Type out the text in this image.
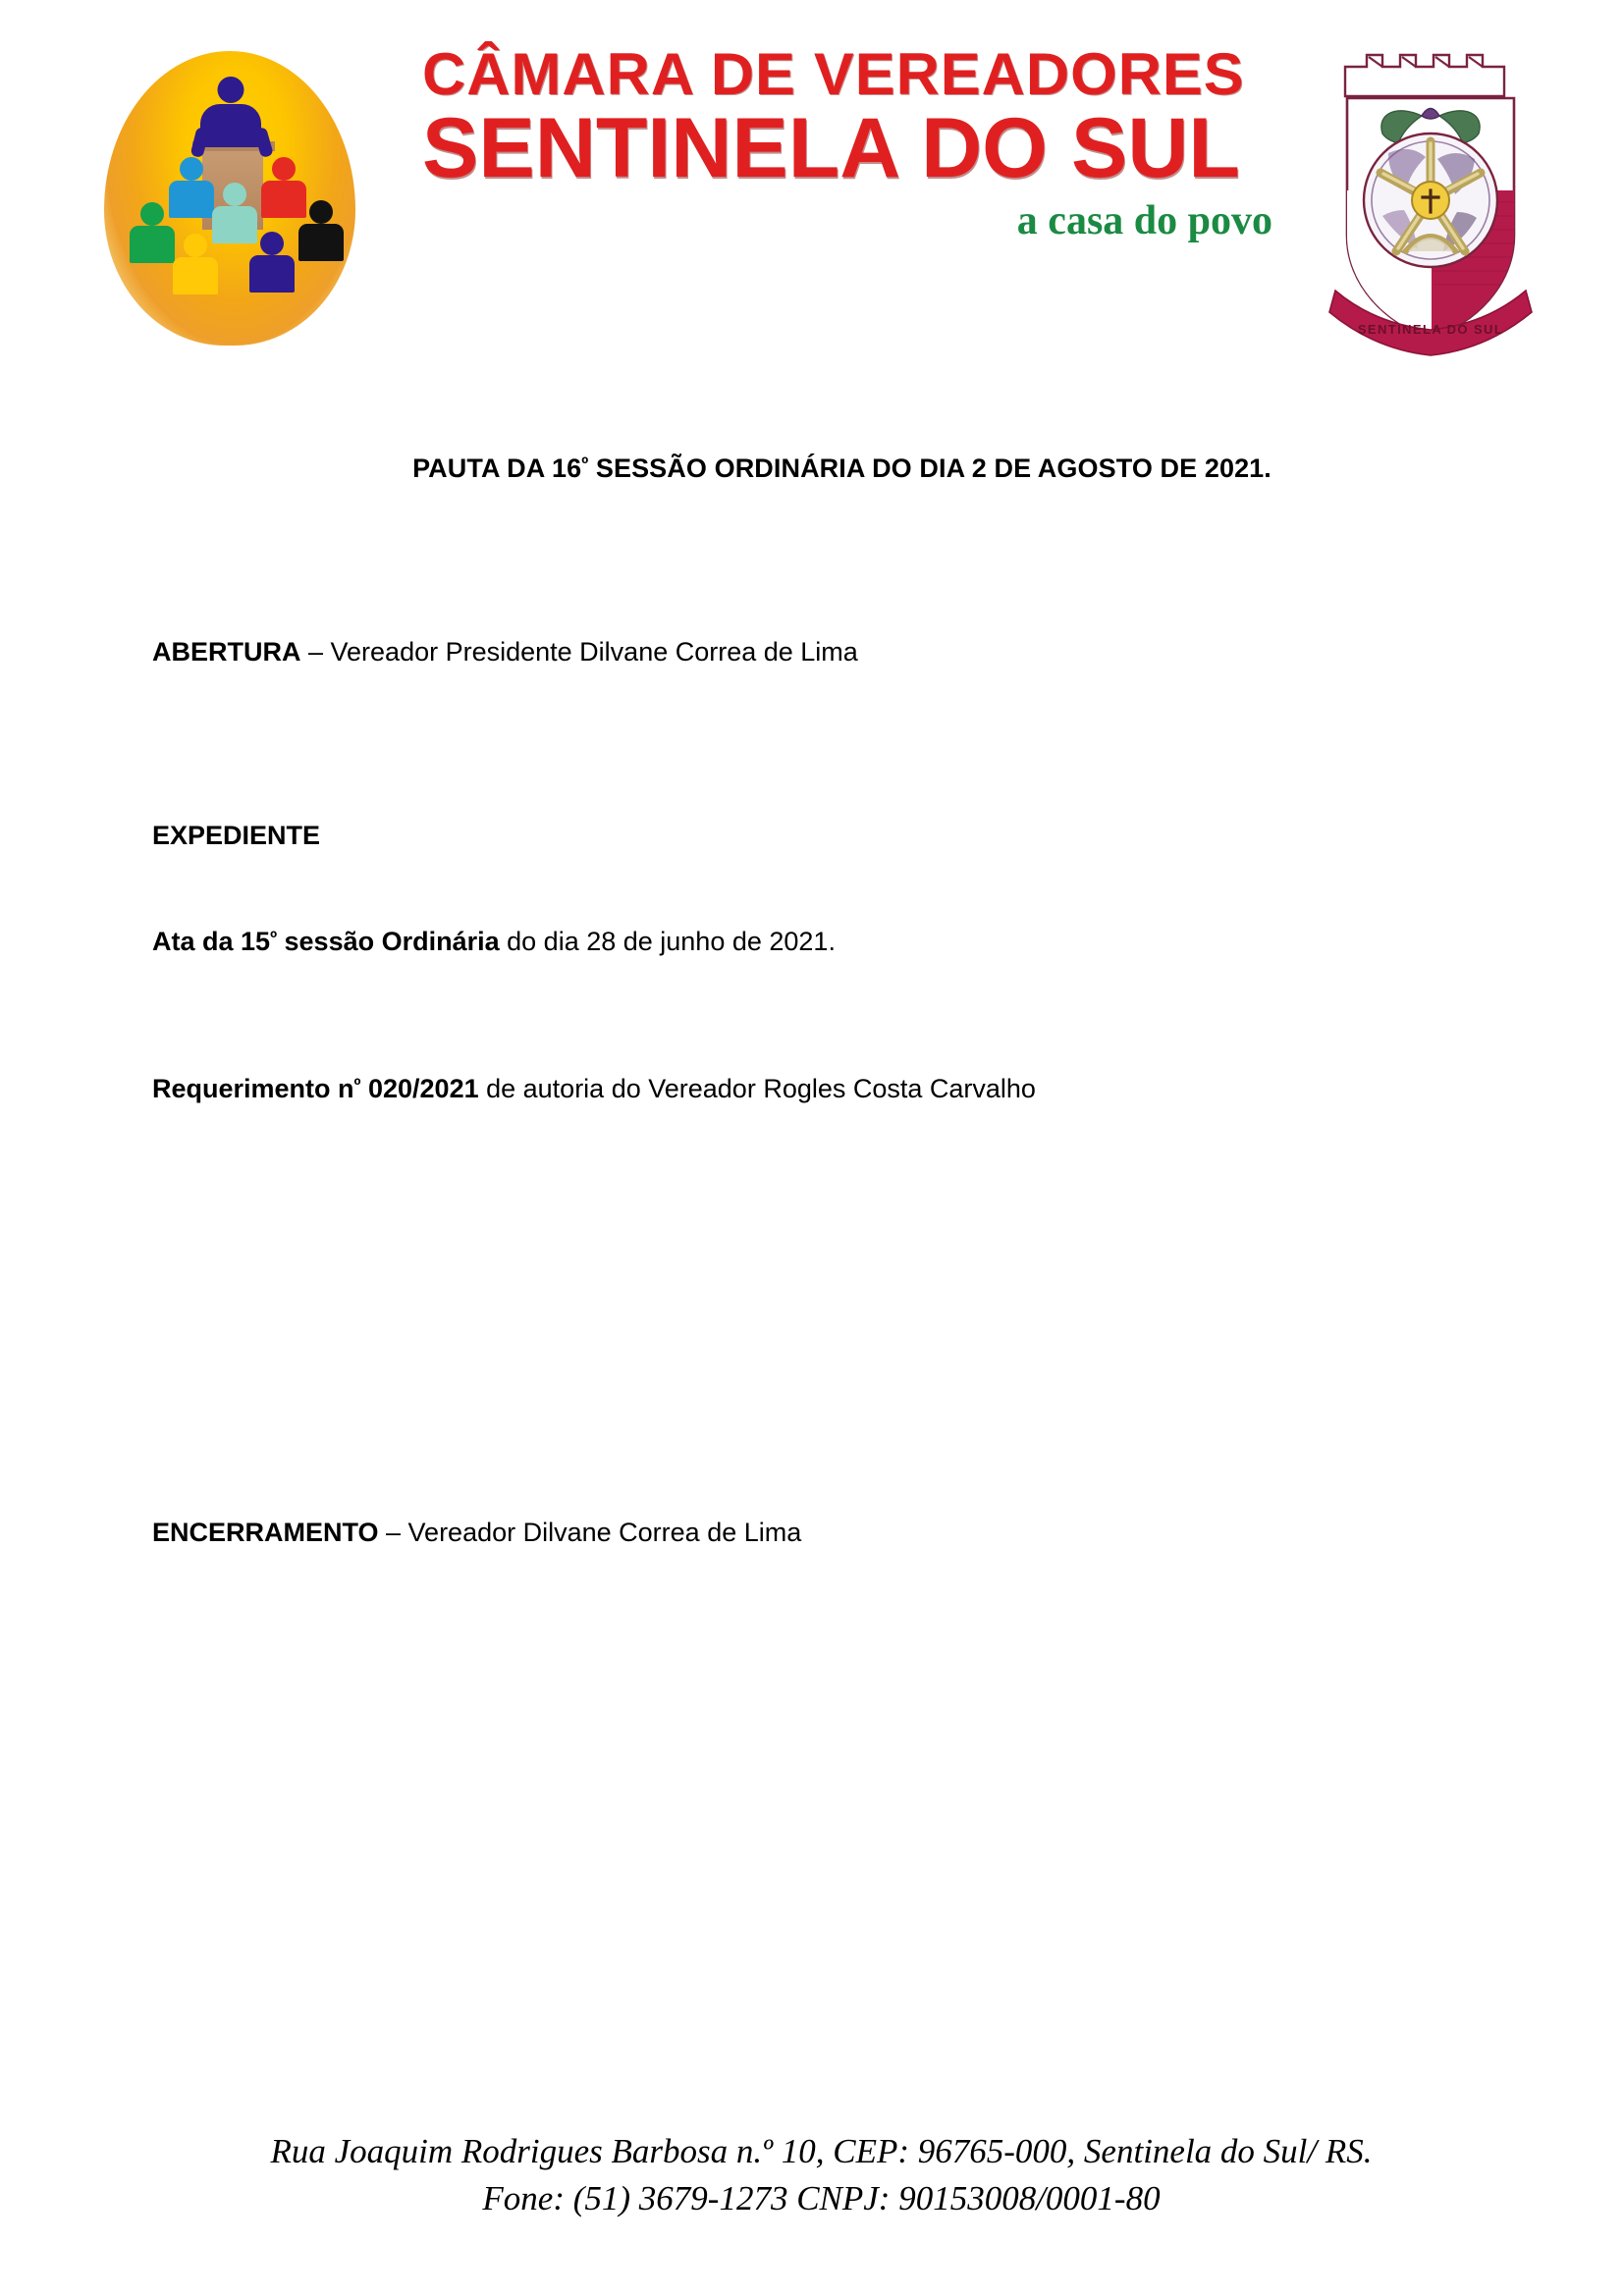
CÂMARA DE VEREADORES
SENTINELA DO SUL
a casa do povo
SENTINELA DO SUL
PAUTA DA $16^º$ SESSÃO ORDINÁRIA DO DIA 2 DE AGOSTO DE 2021.
ABERTURA – Vereador Presidente Dilvane Correa de Lima
EXPEDIENTE
Ata da $15^º$ sessão Ordinária do dia 28 de junho de 2021.
Requerimento $n^º$ 020/2021 de autoria do Vereador Rogles Costa Carvalho
ENCERRAMENTO – Vereador Dilvane Correa de Lima
Rua Joaquim Rodrigues Barbosa n.º 10, CEP: 96765-000, Sentinela do Sul/ RS.
Fone: (51) 3679-1273 CNPJ: 90153008/0001-80
